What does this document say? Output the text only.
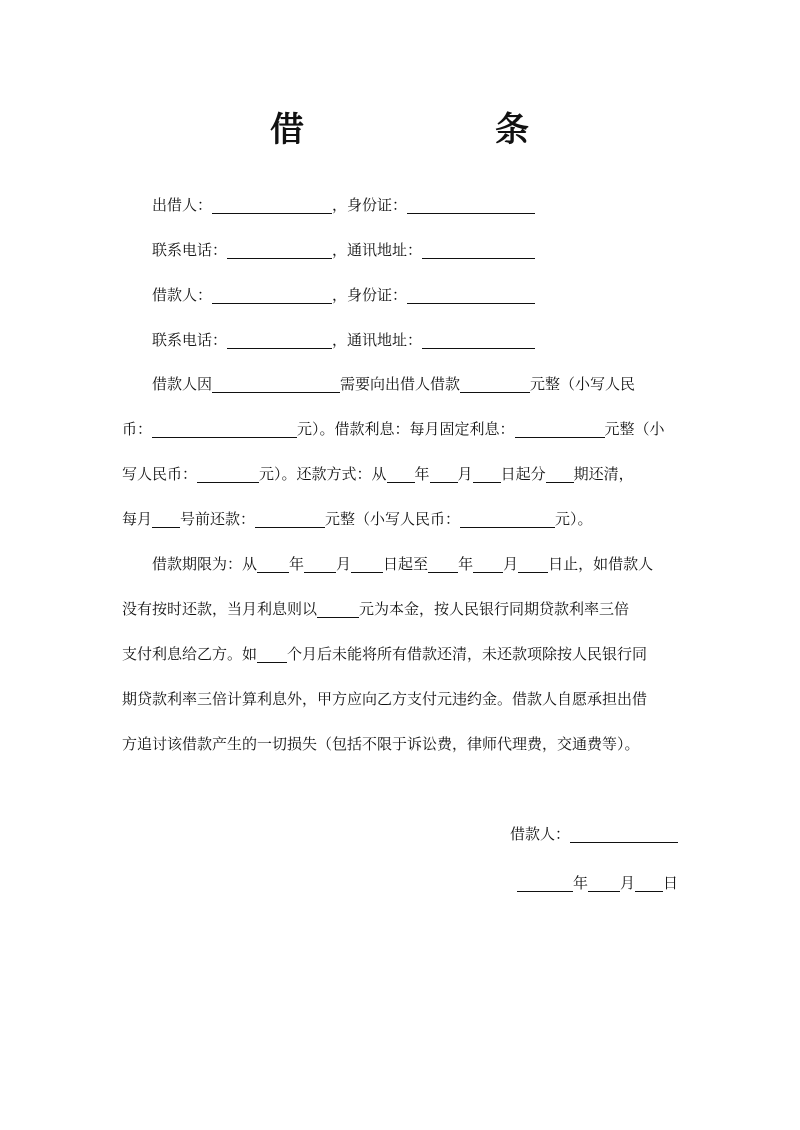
借	条
出借人：	，身份证：
联系电话：	，通讯地址：
借款人：	，身份证：
联系电话：	，通讯地址：
借款人因	需要向出借人借款	元整（小写人民
币：	元）。借款利息：每月固定利息：	元整（小
写人民币：	元）。还款方式：从 年 月 日起分 期还清，
每月 号前还款：	元整（小写人民币：	元）。
借款期限为：从 年 月 日起至 年 月 日止，如借款人
没有按时还款，当月利息则以	元为本金，按人民银行同期贷款利率三倍
支付利息给乙方。如 个月后未能将所有借款还清，未还款项除按人民银行同
期贷款利率三倍计算利息外，甲方应向乙方支付元违约金。借款人自愿承担出借
方追讨该借款产生的一切损失（包括不限于诉讼费，律师代理费，交通费等）。
借款人：
年 月 日
